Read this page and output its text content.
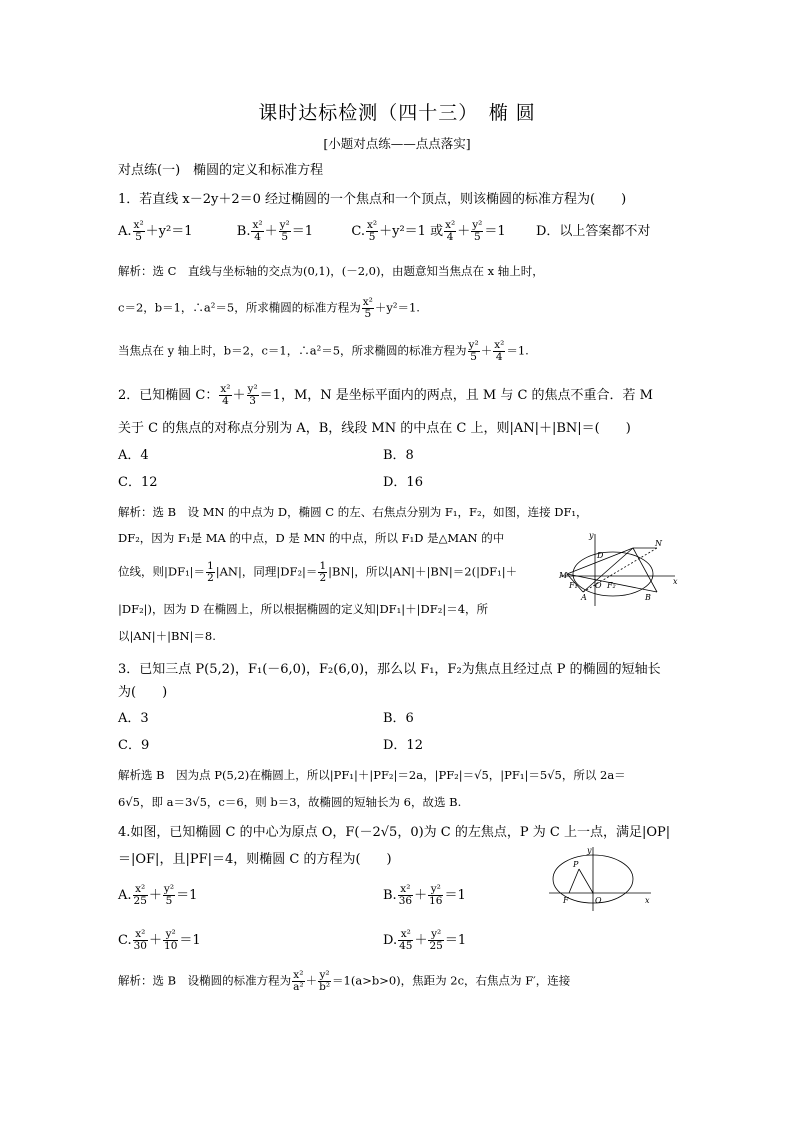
课时达标检测（四十三）　椭 圆
[小题对点练——点点落实]
对点练(一)　椭圆的定义和标准方程
1．若直线 x－2y＋2＝0 经过椭圆的一个焦点和一个顶点，则该椭圆的标准方程为(　　)
A. $\frac{\text{x²}}{5} +y^2=1$	B. $\frac{\text{x²}}{4} + \frac{\text{y²}}{5} =1$	C. $\frac{\text{x²}}{5} +y^2=1$ 或 $\frac{\text{x²}}{4} + \frac{\text{y²}}{5} =1$ D．以上答案都不对
解析：选 C　直线与坐标轴的交点为(0,1)，(－2,0)，由题意知当焦点在 x 轴上时，
c＝2，b＝1，∴a²＝5，所求椭圆的标准方程为 $\frac{\text{x²}}{5} +y^2=1$.
当焦点在 y 轴上时，b＝2，c＝1，∴a²＝5，所求椭圆的标准方程为 $\frac{\text{y²}}{5} + \frac{\text{x²}}{4} =1$.
2．已知椭圆 C： $\frac{\text{x²}}{4} + \frac{\text{y²}}{3} =1$，M，N 是坐标平面内的两点，且 M 与 C 的焦点不重合．若 M
关于 C 的焦点的对称点分别为 A，B，线段 MN 的中点在 C 上，则|AN|＋|BN|＝(　　)
A．4	B．8
C．12	D．16
解析：选 B　设 MN 的中点为 D，椭圆 C 的左、右焦点分别为 F₁，F₂，如图，连接 DF₁，
DF₂，因为 F₁是 MA 的中点，D 是 MN 的中点，所以 F₁D 是△MAN 的中
位线，则$|DF_1|= \frac{1}{2} |AN|$，同理$|DF_2|= \frac{1}{2} |BN|$，所以|AN|＋|BN|＝2(|DF₁|＋
|DF₂|)，因为 D 在椭圆上，所以根据椭圆的定义知|DF₁|＋|DF₂|＝4，所
以|AN|＋|BN|＝8.
y
x
N
D
M
F₁ O F₂
A	B
3．已知三点 P(5,2)，F₁(－6,0)，F₂(6,0)，那么以 F₁，F₂为焦点且经过点 P 的椭圆的短轴长
为(　　)
A．3	B．6
C．9	D．12
解析选 B　因为点 P(5,2)在椭圆上，所以|PF₁|＋|PF₂|＝2a，|PF₂|＝√5，|PF₁|＝5√5，所以 2a＝
6√5，即 a＝3√5，c＝6，则 b＝3，故椭圆的短轴长为 6，故选 B.
4.如图，已知椭圆 C 的中心为原点 O，F(－2√5，0)为 C 的左焦点，P 为 C 上一点，满足|OP|
＝|OF|，且|PF|＝4，则椭圆 C 的方程为(　　)
A. $\frac{\text{x²}}{25} + \frac{\text{y²}}{5} =1$	B. $\frac{\text{x²}}{36} + \frac{\text{y²}}{16} =1$
C. $\frac{\text{x²}}{30} + \frac{\text{y²}}{10} =1$	D. $\frac{\text{x²}}{45} + \frac{\text{y²}}{25} =1$
解析：选 B　设椭圆的标准方程为 $\frac{\text{x²}}{\text{a²}} + \frac{\text{y²}}{\text{b²}} =1(a>b>0)$，焦距为 2c，右焦点为 F′，连接
y
x
P
F	O
